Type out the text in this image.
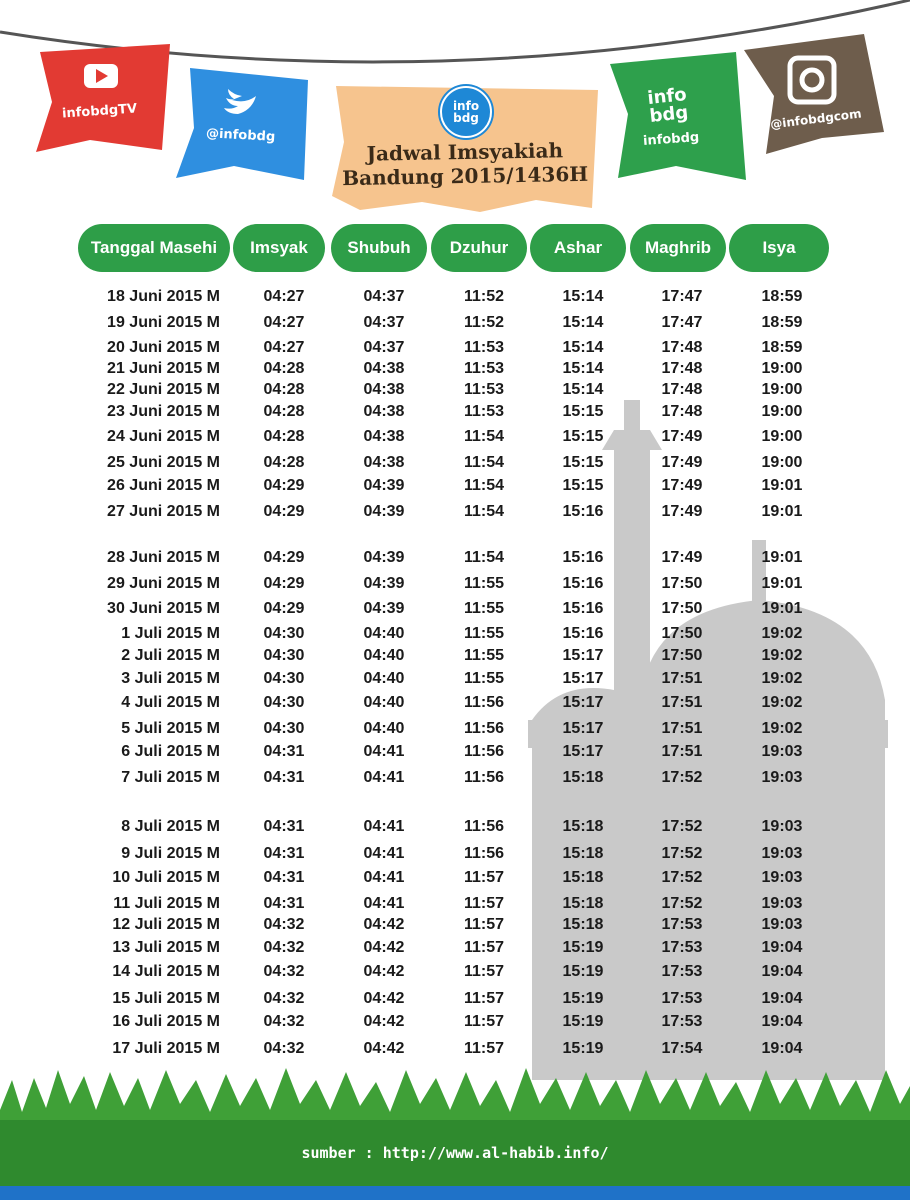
infobdgTV
@infobdg
info bdg
Jadwal Imsyakiah
Bandung 2015/1436H
info bdg
infobdg
@infobdgcom
Tanggal Masehi	Imsyak	Shubuh	Dzuhur	Ashar	Maghrib	Isya
18 Juni 2015 M	04:27	04:37	11:52	15:14	17:47	18:59
19 Juni 2015 M	04:27	04:37	11:52	15:14	17:47	18:59
20 Juni 2015 M	04:27	04:37	11:53	15:14	17:48	18:59
21 Juni 2015 M	04:28	04:38	11:53	15:14	17:48	19:00
22 Juni 2015 M	04:28	04:38	11:53	15:14	17:48	19:00
23 Juni 2015 M	04:28	04:38	11:53	15:15	17:48	19:00
24 Juni 2015 M	04:28	04:38	11:54	15:15	17:49	19:00
25 Juni 2015 M	04:28	04:38	11:54	15:15	17:49	19:00
26 Juni 2015 M	04:29	04:39	11:54	15:15	17:49	19:01
27 Juni 2015 M	04:29	04:39	11:54	15:16	17:49	19:01
28 Juni 2015 M	04:29	04:39	11:54	15:16	17:49	19:01
29 Juni 2015 M	04:29	04:39	11:55	15:16	17:50	19:01
30 Juni 2015 M	04:29	04:39	11:55	15:16	17:50	19:01
1 Juli 2015 M	04:30	04:40	11:55	15:16	17:50	19:02
2 Juli 2015 M	04:30	04:40	11:55	15:17	17:50	19:02
3 Juli 2015 M	04:30	04:40	11:55	15:17	17:51	19:02
4 Juli 2015 M	04:30	04:40	11:56	15:17	17:51	19:02
5 Juli 2015 M	04:30	04:40	11:56	15:17	17:51	19:02
6 Juli 2015 M	04:31	04:41	11:56	15:17	17:51	19:03
7 Juli 2015 M	04:31	04:41	11:56	15:18	17:52	19:03
8 Juli 2015 M	04:31	04:41	11:56	15:18	17:52	19:03
9 Juli 2015 M	04:31	04:41	11:56	15:18	17:52	19:03
10 Juli 2015 M	04:31	04:41	11:57	15:18	17:52	19:03
11 Juli 2015 M	04:31	04:41	11:57	15:18	17:52	19:03
12 Juli 2015 M	04:32	04:42	11:57	15:18	17:53	19:03
13 Juli 2015 M	04:32	04:42	11:57	15:19	17:53	19:04
14 Juli 2015 M	04:32	04:42	11:57	15:19	17:53	19:04
15 Juli 2015 M	04:32	04:42	11:57	15:19	17:53	19:04
16 Juli 2015 M	04:32	04:42	11:57	15:19	17:53	19:04
17 Juli 2015 M	04:32	04:42	11:57	15:19	17:54	19:04
sumber : http://www.al-habib.info/
